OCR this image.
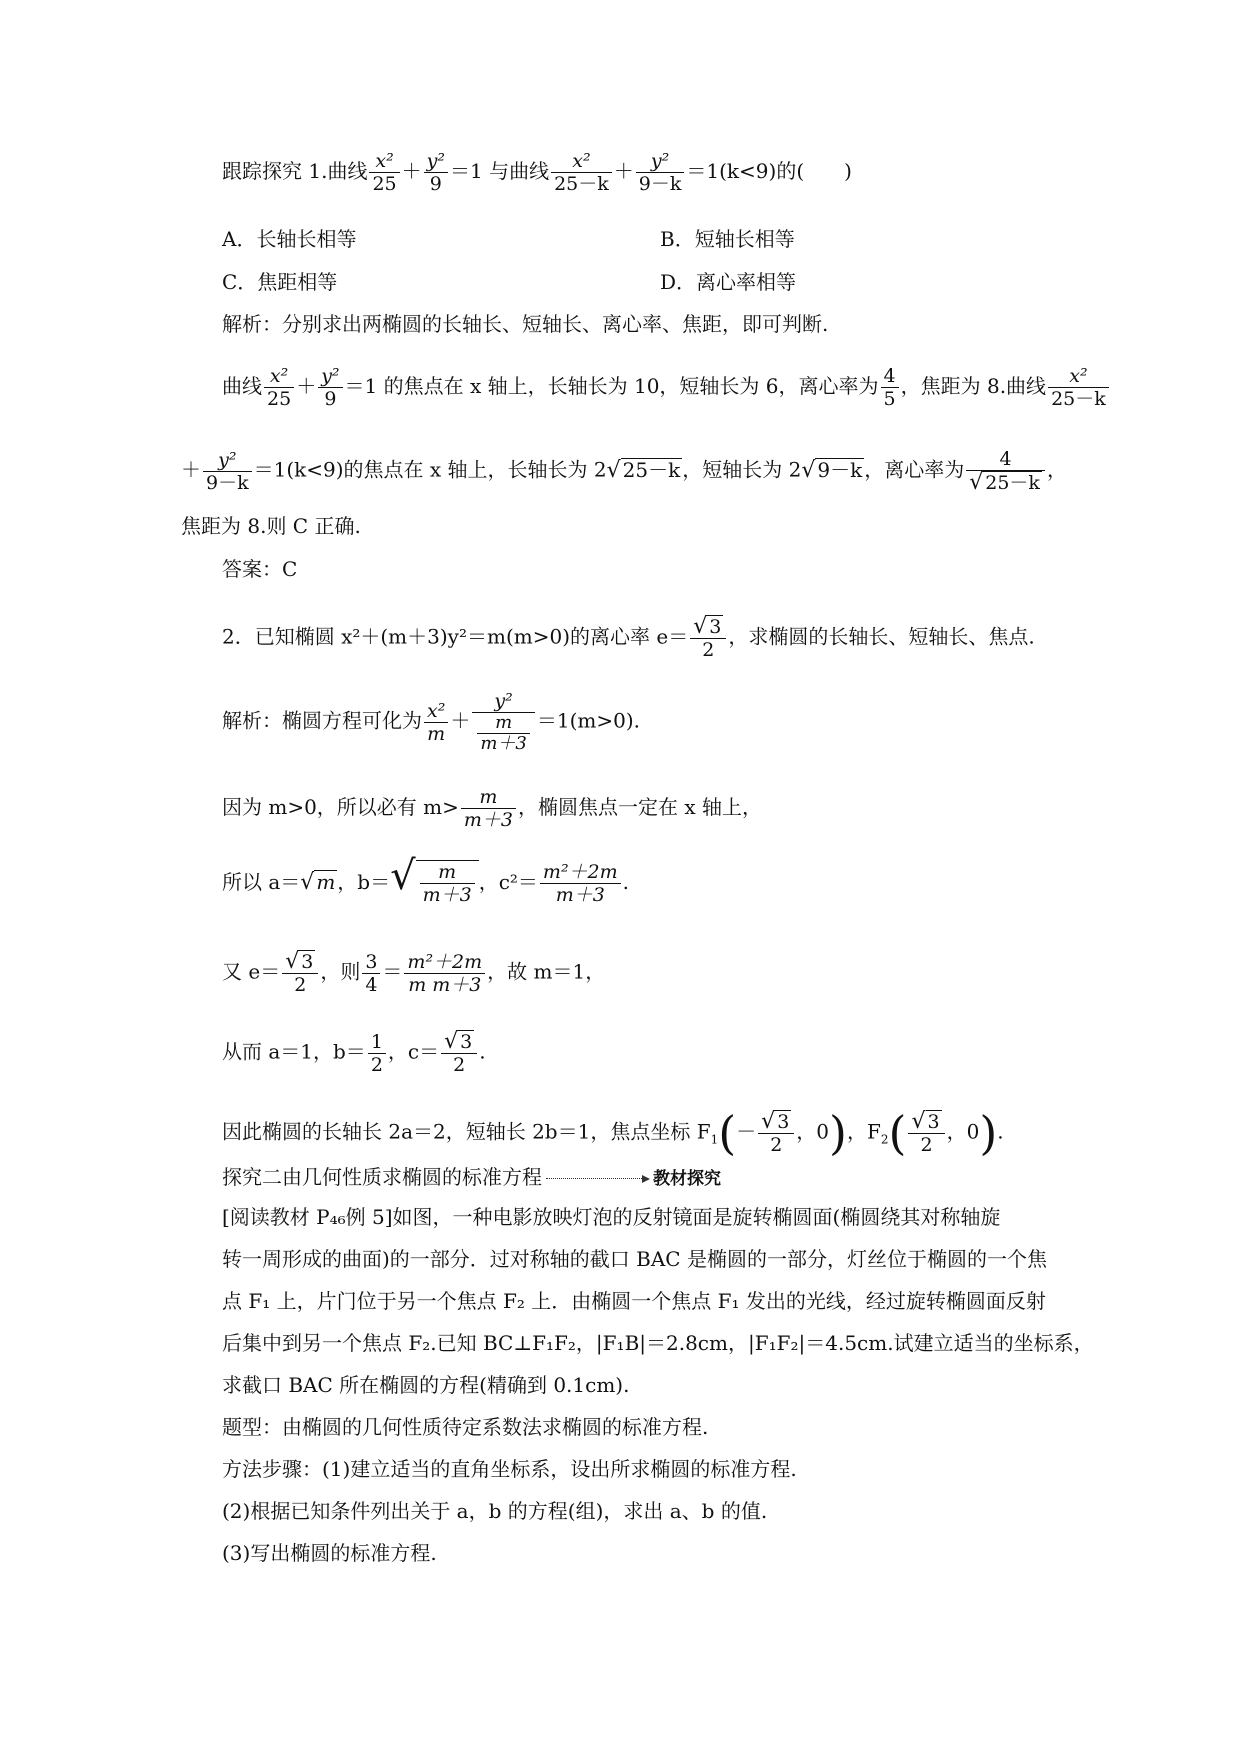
跟踪探究 1.曲线 $\frac{\text{x²}}{25} + \frac{\text{y²}}{9} =1$ 与曲线 $\frac{\text{x²}}{25-k} + \frac{\text{y²}}{9-k} =1(k<9)$的(　　)
A．长轴长相等	B．短轴长相等
C．焦距相等	D．离心率相等
解析：分别求出两椭圆的长轴长、短轴长、离心率、焦距，即可判断.
曲线 $\frac{\text{x²}}{25} + \frac{\text{y²}}{9} =1$ 的焦点在 x 轴上，长轴长为 10，短轴长为 6，离心率为 $\frac{4}{5}$ ，焦距为 8.曲线 $\frac{\text{x²}}{25-k}$
＋ $\frac{\text{y²}}{9-k} =1(k<9)$的焦点在 x 轴上，长轴长为 2√ 25－k ，短轴长为 2√ 9－k ，离心率为 $\frac{4}{√ 25-k}$ ，
焦距为 8.则 C 正确.
答案：C
2．已知椭圆 x²＋(m＋3)y²＝m(m>0)的离心率 $e= \frac{√ 3}{2}$ ，求椭圆的长轴长、短轴长、焦点.
解析：椭圆方程可化为 $\frac{\text{x²}}{m} + \frac{\text{y²}}{\frac{m}{m+3}} =1(m>0)$.
因为 m>0，所以必有 $m> \frac{m}{m+3}$ ，椭圆焦点一定在 x 轴上，
所以 a＝√ m ，$b=√ \frac{m}{m+3}$ ，$c^2= \frac{\text{m²＋2m}}{m+3}$ .
又 $e= \frac{√ 3}{2}$ ，则 $\frac{3}{4} = \frac{\text{m²＋2m}}{\text{m m＋3}}$ ，故 m＝1，
从而 a＝1，$b= \frac{1}{2}$ ，$c= \frac{√ 3}{2}$ .
因此椭圆的长轴长 2a＝2，短轴长 2b＝1，焦点坐标 $F_1(- \frac{√ 3}{2}$ ，0)，$F_2( \frac{√ 3}{2}$ ，0).
探究二由几何性质求椭圆的标准方程	教材探究
[阅读教材 P₄₆例 5]如图，一种电影放映灯泡的反射镜面是旋转椭圆面(椭圆绕其对称轴旋
转一周形成的曲面)的一部分．过对称轴的截口 BAC 是椭圆的一部分，灯丝位于椭圆的一个焦
点 F₁ 上，片门位于另一个焦点 F₂ 上．由椭圆一个焦点 F₁ 发出的光线，经过旋转椭圆面反射
后集中到另一个焦点 F₂.已知 BC⊥F₁F₂，|F₁B|＝2.8cm，|F₁F₂|＝4.5cm.试建立适当的坐标系，
求截口 BAC 所在椭圆的方程(精确到 0.1cm).
题型：由椭圆的几何性质待定系数法求椭圆的标准方程.
方法步骤：(1)建立适当的直角坐标系，设出所求椭圆的标准方程.
(2)根据已知条件列出关于 a，b 的方程(组)，求出 a、b 的值.
(3)写出椭圆的标准方程.
